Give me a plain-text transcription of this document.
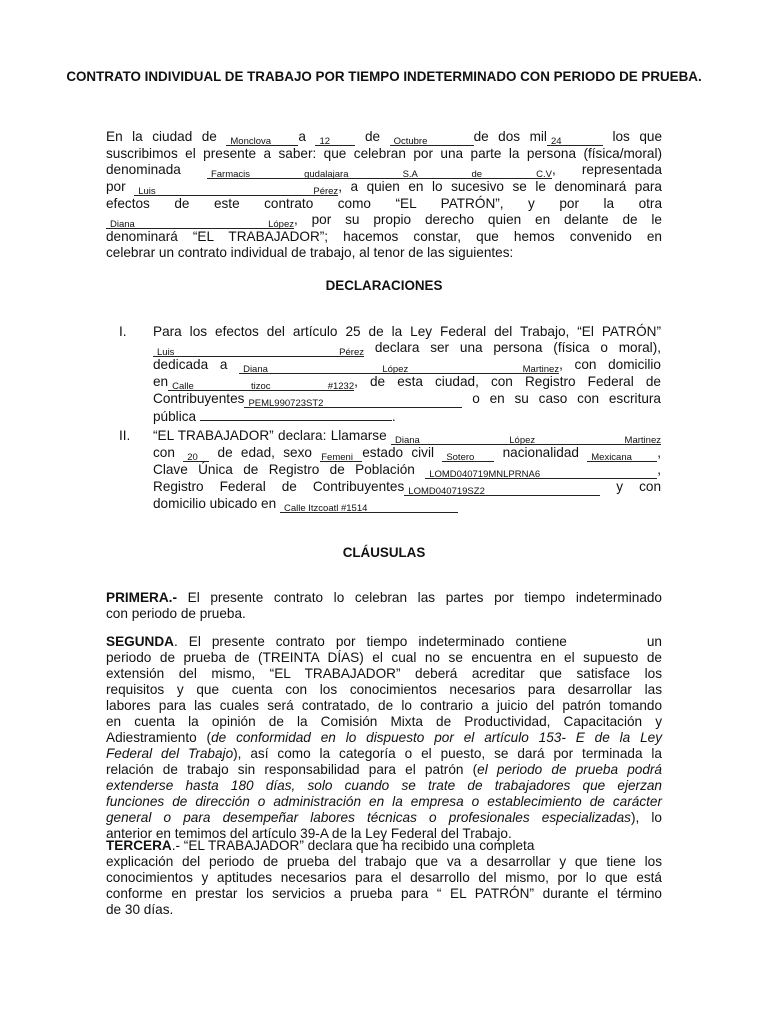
CONTRATO INDIVIDUAL DE TRABAJO POR TIEMPO INDETERMINADO CON PERIODO DE PRUEBA.
En la ciudad de Monclova a 12	de Octubre	de dos mil 24	los que
suscribimos el presente a saber: que celebran por una parte la persona (física/moral)
denominada	Farmacis gudalajara S.A de C.V, representada
por Luis Pérez, a quien en lo sucesivo se le denominará para
efectos de este contrato como “EL PATRÓN”, y por la otra
Diana López, por su propio derecho quien en delante de le
denominará “EL TRABAJADOR”; hacemos constar, que hemos convenido en
celebrar un contrato individual de trabajo, al tenor de las siguientes:
DECLARACIONES
I. Para los efectos del artículo 25 de la Ley Federal del Trabajo, “El PATRÓN”
Luis Pérez declara ser una persona (física o moral),
dedicada a Diana López Martinez, con domicilio
en Calle tizoc #1232, de esta ciudad, con Registro Federal de
Contribuyentes PEML990723ST2	o en su caso con escritura
pública	.
II. “EL TRABAJADOR” declara: Llamarse Diana López Martinez
con 20 de edad, sexo Femeni estado civil Sotero nacionalidad Mexicana ,
Clave Única de Registro de Población LOMD040719MNLPRNA6	,
Registro Federal de Contribuyentes LOMD040719SZ2	y con
domicilio ubicado en Calle Itzcoatl #1514
CLÁUSULAS
PRIMERA.- El presente contrato lo celebran las partes por tiempo indeterminado
con periodo de prueba.
SEGUNDA. El presente contrato por tiempo indeterminado contiene	un
periodo de prueba de (TREINTA DÍAS) el cual no se encuentra en el supuesto de
extensión del mismo, “EL TRABAJADOR” deberá acreditar que satisface los
requisitos y que cuenta con los conocimientos necesarios para desarrollar las
labores para las cuales será contratado, de lo contrario a juicio del patrón tomando
en cuenta la opinión de la Comisión Mixta de Productividad, Capacitación y
Adiestramiento (de conformidad en lo dispuesto por el artículo 153- E de la Ley
Federal del Trabajo), así como la categoría o el puesto, se dará por terminada la
relación de trabajo sin responsabilidad para el patrón (el periodo de prueba podrá
extenderse hasta 180 días, solo cuando se trate de trabajadores que ejerzan
funciones de dirección o administración en la empresa o establecimiento de carácter
general o para desempeñar labores técnicas o profesionales especializadas), lo
anterior en temimos del artículo 39-A de la Ley Federal del Trabajo.
TERCERA.- “EL TRABAJADOR” declara que ha recibido una completa
explicación del periodo de prueba del trabajo que va a desarrollar y que tiene los
conocimientos y aptitudes necesarios para el desarrollo del mismo, por lo que está
conforme en prestar los servicios a prueba para “ EL PATRÓN” durante el término
de 30 días.
